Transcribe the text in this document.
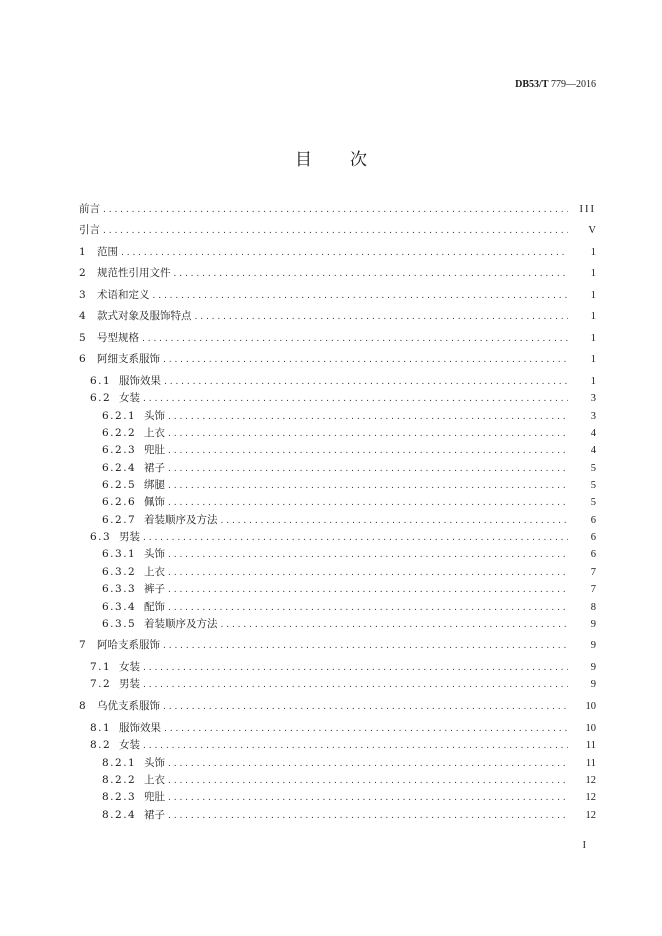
DB53/T 779—2016
目次
前言 . . .	III
引言 . . .	V
1	范围 . . .	1
2	规范性引用文件 . . .	1
3	术语和定义 . . .	1
4	款式对象及服饰特点 . . .	1
5	号型规格 . . .	1
6	阿细支系服饰 . . .	1
6.1 服饰效果 . . .	1
6.2 女装 . . .	3
6.2.1 头饰 . . .	3
6.2.2 上衣 . . .	4
6.2.3 兜肚 . . .	4
6.2.4 裙子 . . .	5
6.2.5 绑腿 . . .	5
6.2.6 佩饰 . . .	5
6.2.7 着装顺序及方法 . . .	6
6.3 男装 . . .	6
6.3.1 头饰 . . .	6
6.3.2 上衣 . . .	7
6.3.3 裤子 . . .	7
6.3.4 配饰 . . .	8
6.3.5 着装顺序及方法 . . .	9
7	阿哈支系服饰 . . .	9
7.1 女装 . . .	9
7.2 男装 . . .	9
8	乌优支系服饰 . . .	10
8.1 服饰效果 . . .	10
8.2 女装 . . .	11
8.2.1 头饰 . . .	11
8.2.2 上衣 . . .	12
8.2.3 兜肚 . . .	12
8.2.4 裙子 . . .	12
I
